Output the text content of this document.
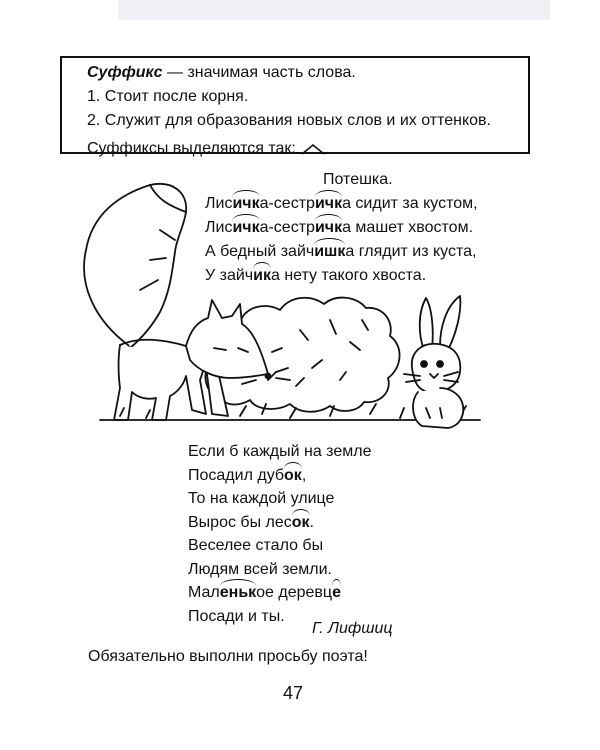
Суффикс — значимая часть слова.
1. Стоит после корня.
2. Служит для образования новых слов и их оттенков.
Суффиксы выделяются так:
Потешка.
Лисичка-сестричка сидит за кустом,
Лисичка-сестричка машет хвостом.
А бедный зайчишка глядит из куста,
У зайчика нету такого хвоста.
Если б каждый на земле
Посадил дубок,
То на каждой улице
Вырос бы лесок.
Веселее стало бы
Людям всей земли.
Маленькое деревце
Посади и ты.
Г. Лифшиц
Обязательно выполни просьбу поэта!
47
